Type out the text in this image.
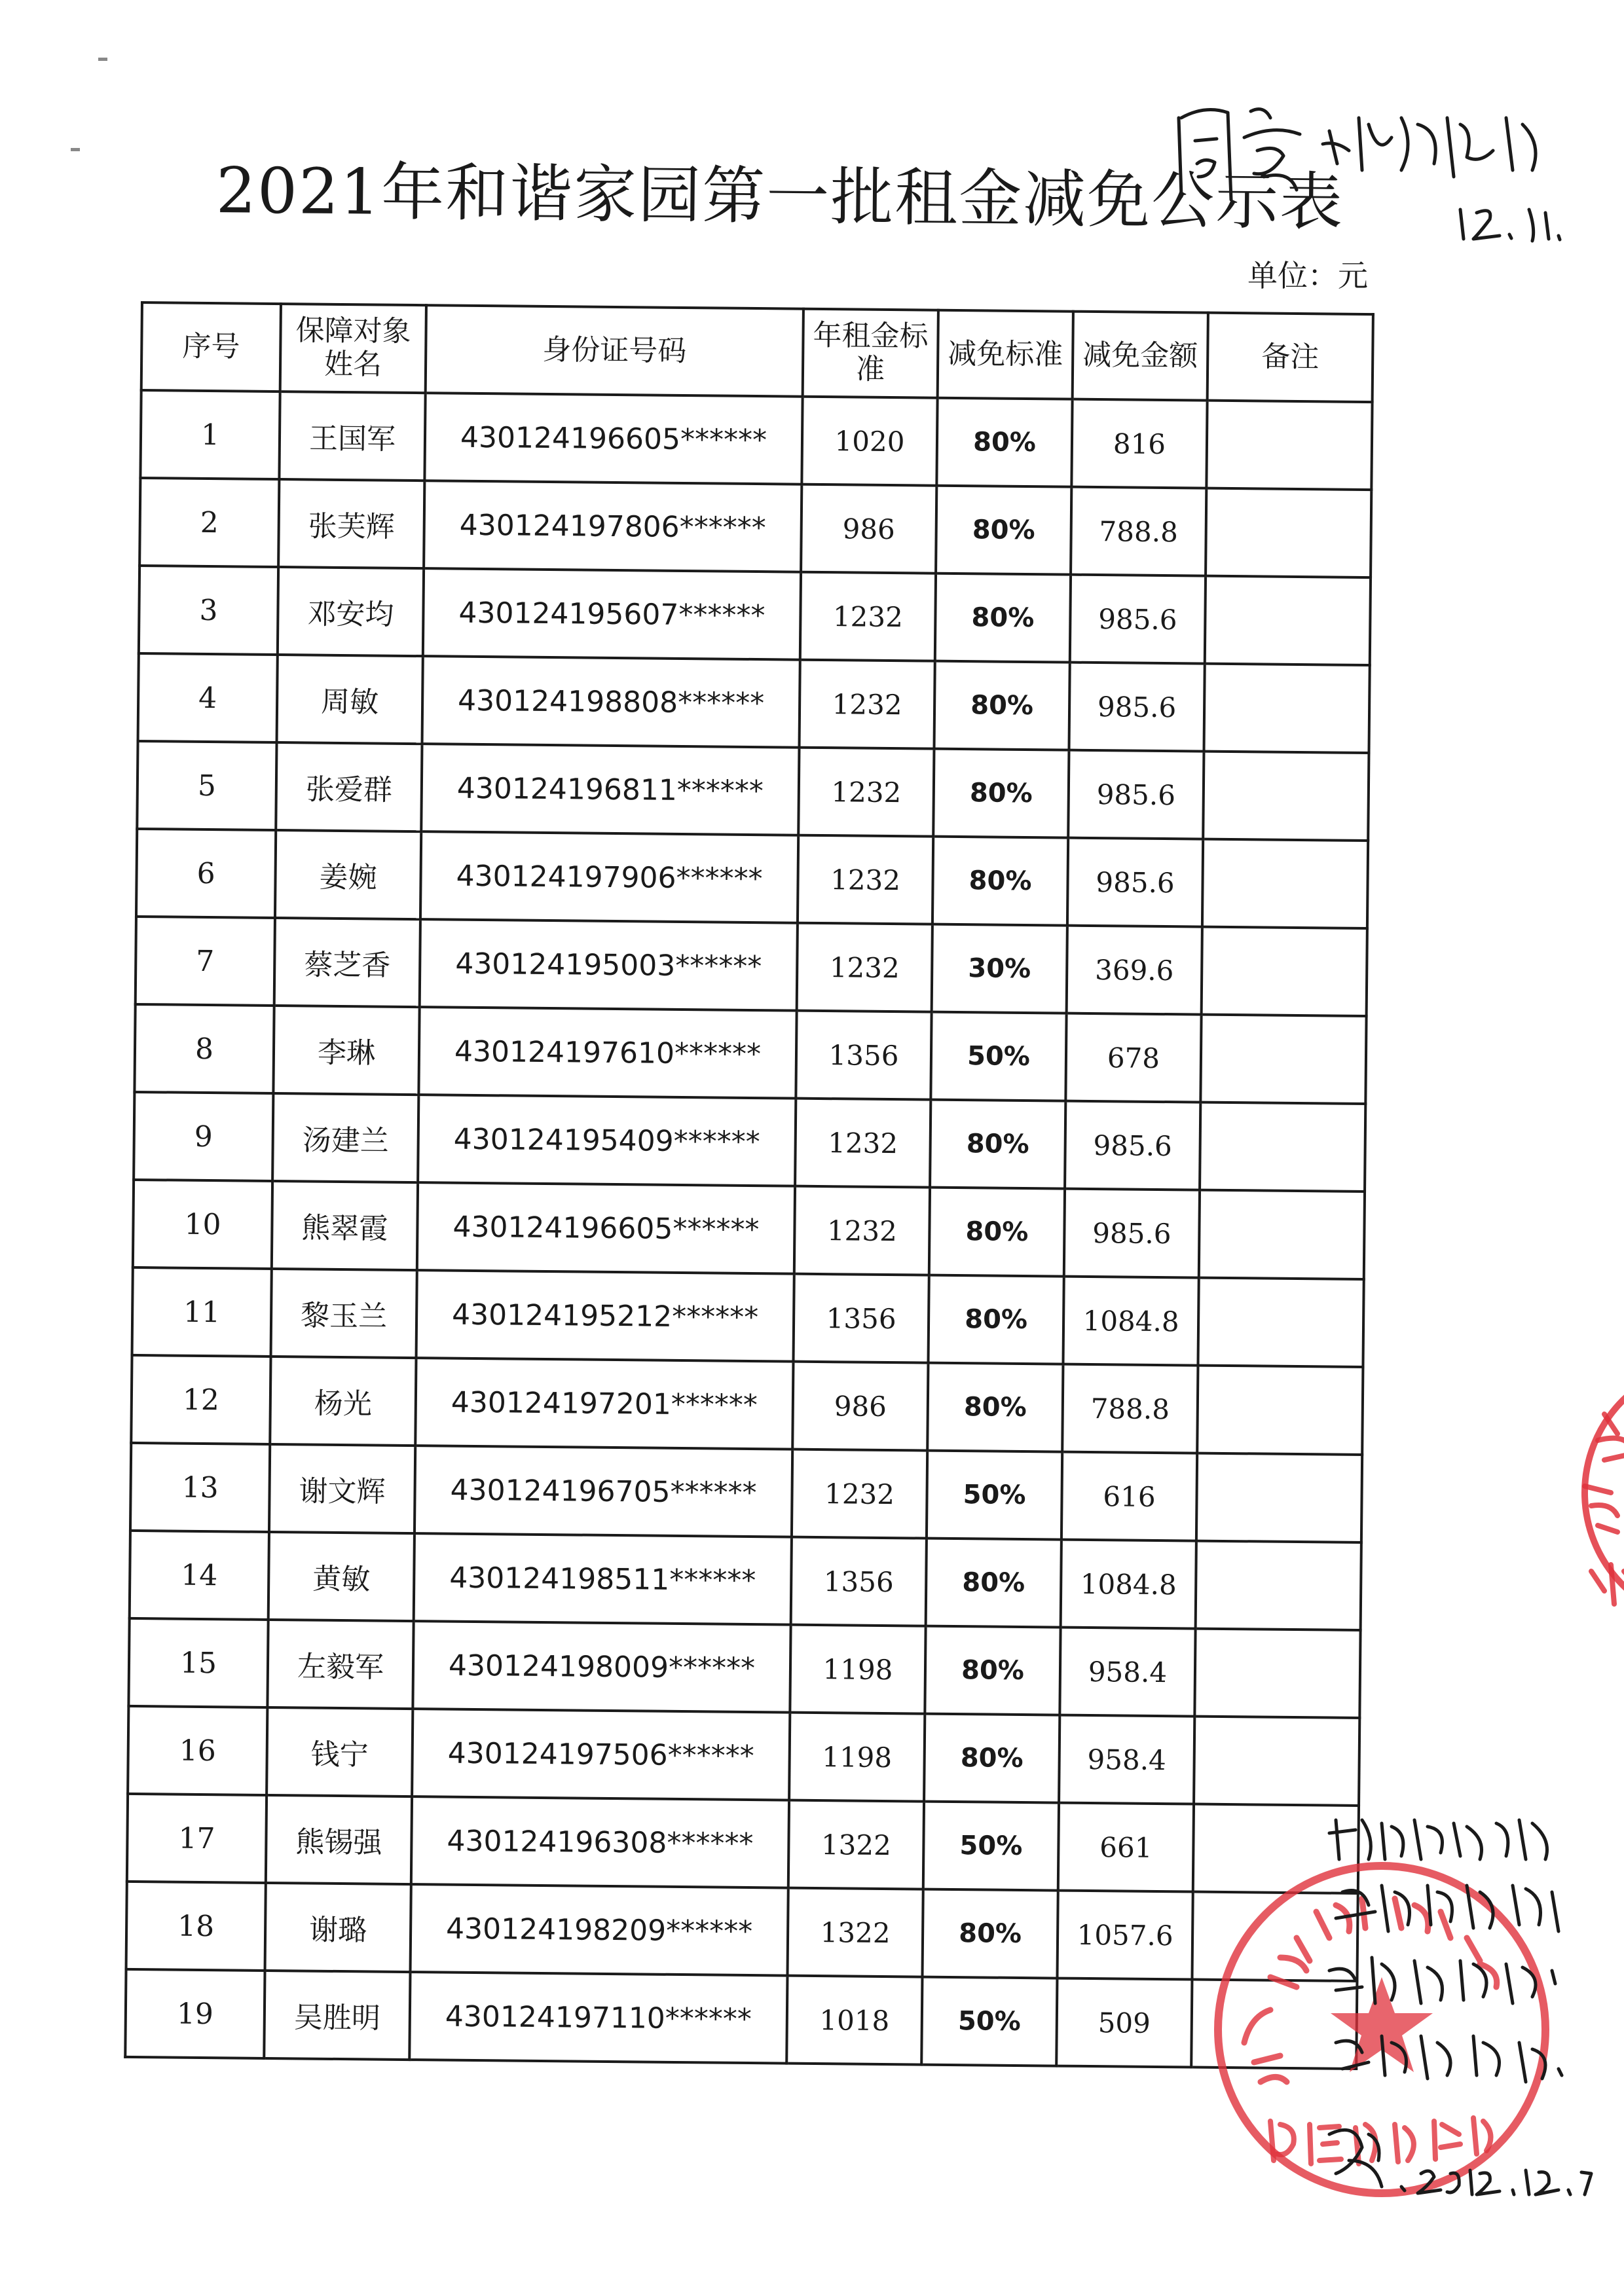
2021年和谐家园第一批租金减免公示表
单位：元
序号	保障对象姓名	身份证号码	年租金标准	减免标准	减免金额	备注
1	王国军	430124196605******	1020	80%	816	
2	张芙辉	430124197806******	986	80%	788.8	
3	邓安均	430124195607******	1232	80%	985.6	
4	周敏	430124198808******	1232	80%	985.6	
5	张爱群	430124196811******	1232	80%	985.6	
6	姜婉	430124197906******	1232	80%	985.6	
7	蔡芝香	430124195003******	1232	30%	369.6	
8	李琳	430124197610******	1356	50%	678	
9	汤建兰	430124195409******	1232	80%	985.6	
10	熊翠霞	430124196605******	1232	80%	985.6	
11	黎玉兰	430124195212******	1356	80%	1084.8	
12	杨光	430124197201******	986	80%	788.8	
13	谢文辉	430124196705******	1232	50%	616	
14	黄敏	430124198511******	1356	80%	1084.8	
15	左毅军	430124198009******	1198	80%	958.4	
16	钱宁	430124197506******	1198	80%	958.4	
17	熊锡强	430124196308******	1322	50%	661	
18	谢璐	430124198209******	1322	80%	1057.6	
19	吴胜明	430124197110******	1018	50%	509	
